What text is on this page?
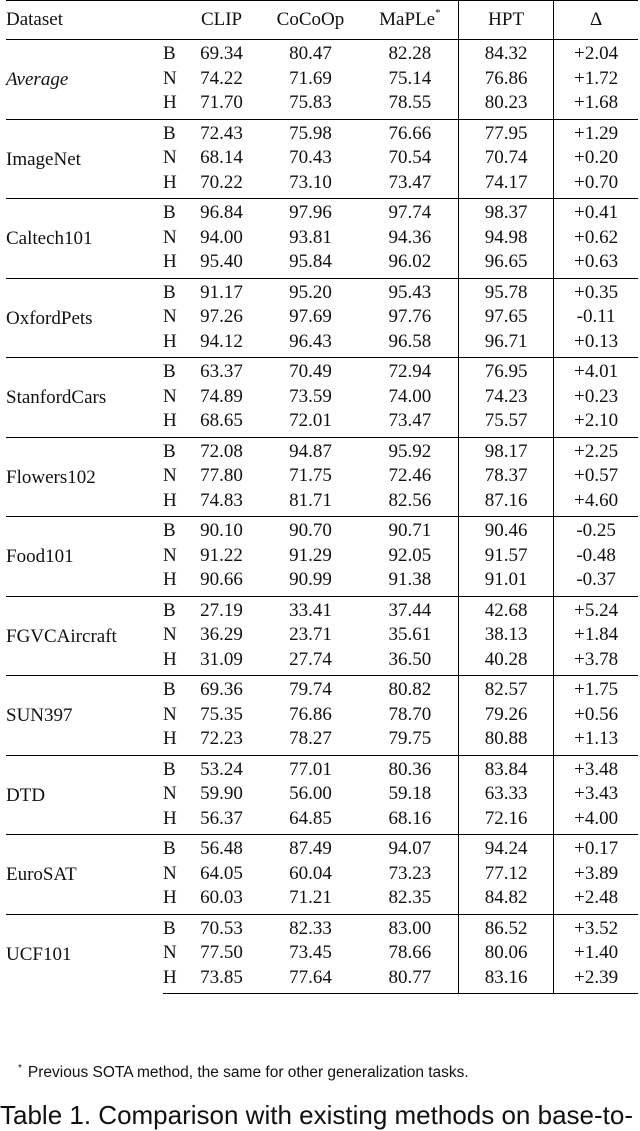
Dataset		CLIP	CoCoOp	MaPLe*	HPT	Δ
Average	B	69.34	80.47	82.28	84.32	+2.04
	N	74.22	71.69	75.14	76.86	+1.72
	H	71.70	75.83	78.55	80.23	+1.68
ImageNet	B	72.43	75.98	76.66	77.95	+1.29
	N	68.14	70.43	70.54	70.74	+0.20
	H	70.22	73.10	73.47	74.17	+0.70
Caltech101	B	96.84	97.96	97.74	98.37	+0.41
	N	94.00	93.81	94.36	94.98	+0.62
	H	95.40	95.84	96.02	96.65	+0.63
OxfordPets	B	91.17	95.20	95.43	95.78	+0.35
	N	97.26	97.69	97.76	97.65	-0.11
	H	94.12	96.43	96.58	96.71	+0.13
StanfordCars	B	63.37	70.49	72.94	76.95	+4.01
	N	74.89	73.59	74.00	74.23	+0.23
	H	68.65	72.01	73.47	75.57	+2.10
Flowers102	B	72.08	94.87	95.92	98.17	+2.25
	N	77.80	71.75	72.46	78.37	+0.57
	H	74.83	81.71	82.56	87.16	+4.60
Food101	B	90.10	90.70	90.71	90.46	-0.25
	N	91.22	91.29	92.05	91.57	-0.48
	H	90.66	90.99	91.38	91.01	-0.37
FGVCAircraft	B	27.19	33.41	37.44	42.68	+5.24
	N	36.29	23.71	35.61	38.13	+1.84
	H	31.09	27.74	36.50	40.28	+3.78
SUN397	B	69.36	79.74	80.82	82.57	+1.75
	N	75.35	76.86	78.70	79.26	+0.56
	H	72.23	78.27	79.75	80.88	+1.13
DTD	B	53.24	77.01	80.36	83.84	+3.48
	N	59.90	56.00	59.18	63.33	+3.43
	H	56.37	64.85	68.16	72.16	+4.00
EuroSAT	B	56.48	87.49	94.07	94.24	+0.17
	N	64.05	60.04	73.23	77.12	+3.89
	H	60.03	71.21	82.35	84.82	+2.48
UCF101	B	70.53	82.33	83.00	86.52	+3.52
	N	77.50	73.45	78.66	80.06	+1.40
	H	73.85	77.64	80.77	83.16	+2.39
* Previous SOTA method, the same for other generalization tasks.
Table 1. Comparison with existing methods on base-to-
